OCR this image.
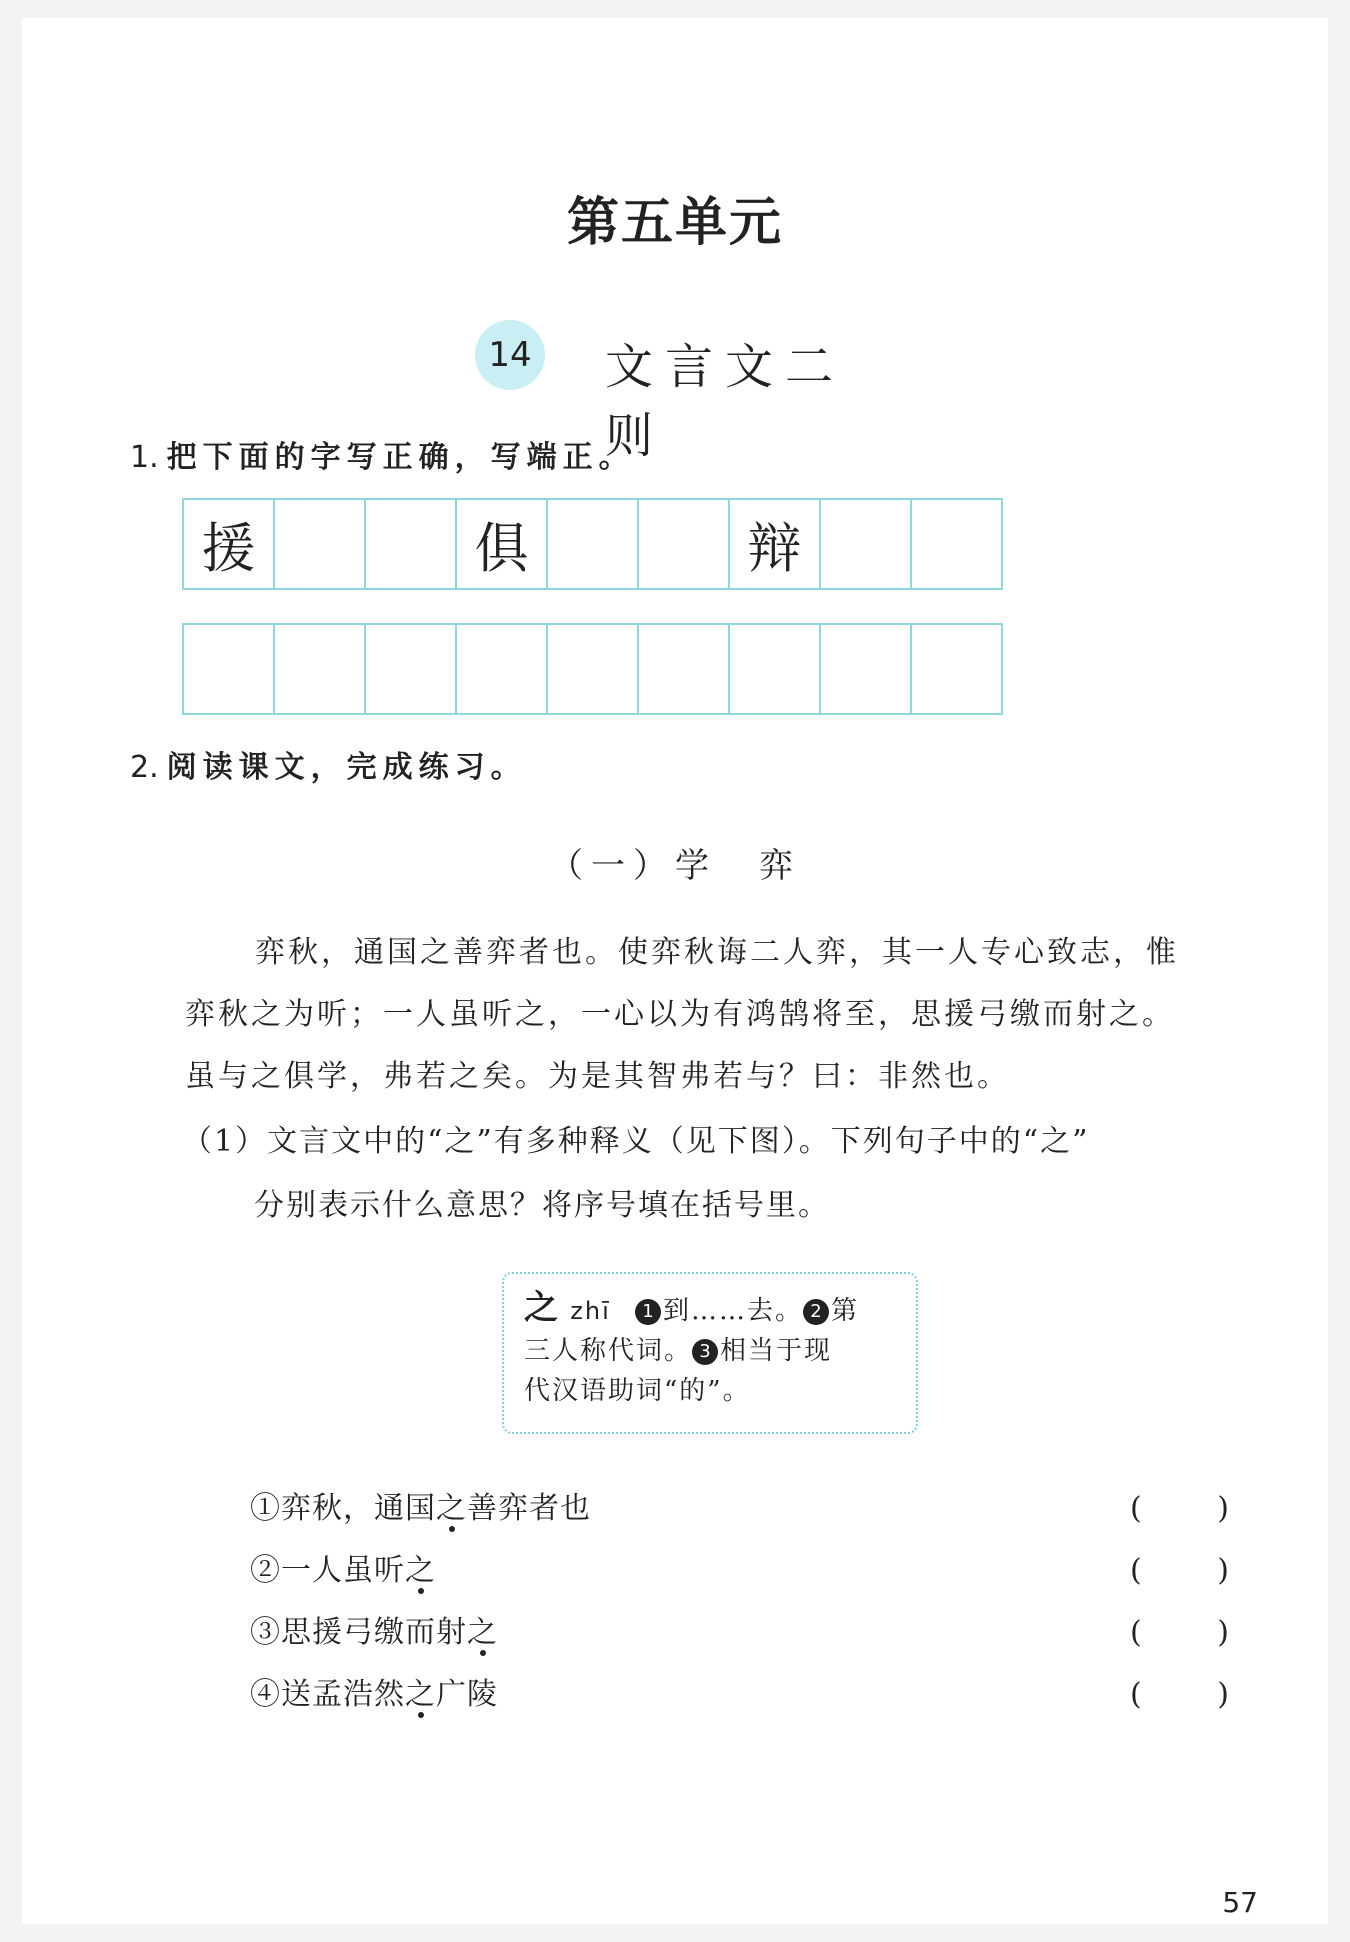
第五单元
14 文言文二则
1. 把下面的字写正确，写端正。
援	俱	辩
2. 阅读课文，完成练习。
（一）学　弈

弈秋，通国之善弈者也。使弈秋诲二人弈，其一人专心致志，惟

弈秋之为听；一人虽听之，一心以为有鸿鹄将至，思援弓缴而射之。
虽与之俱学，弗若之矣。为是其智弗若与？曰：非然也。
（1）文言文中的“之”有多种释义（见下图）。下列句子中的“之”
分别表示什么意思？将序号填在括号里。
之 zhī 1 到……去。 2 第
三人称代词。 3 相当于现
代汉语助词“的”。
①弈秋，通国之善弈者也	( )
②一人虽听之	( )
③思援弓缴而射之	( )
④送孟浩然之广陵	( )
57
